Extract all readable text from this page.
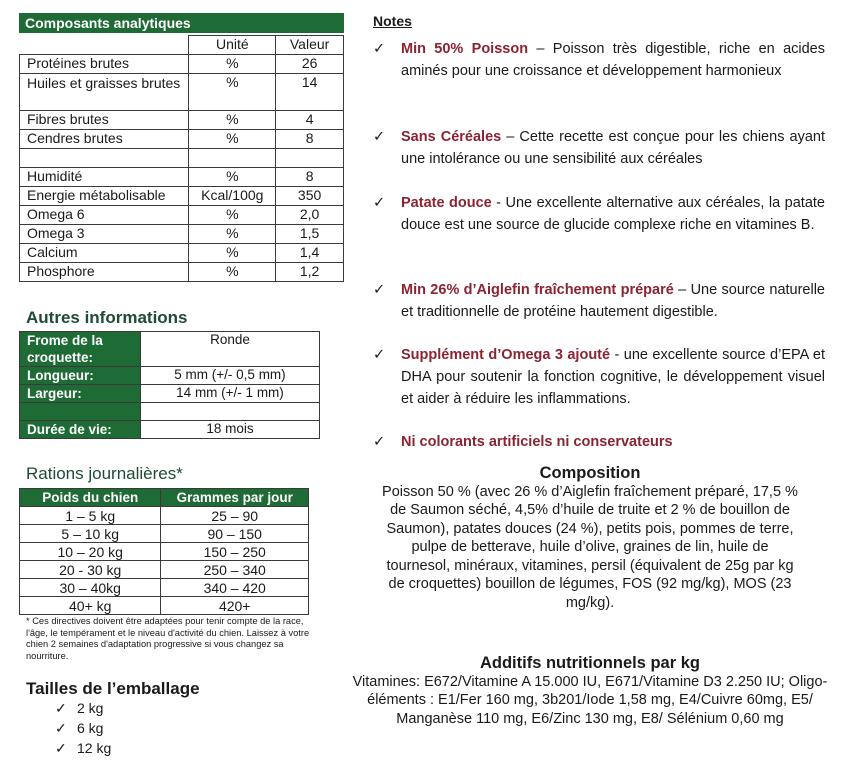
Composants analytiques
	Unité	Valeur
Protéines brutes	%	26
Huiles et graisses brutes	%	14
Fibres brutes	%	4
Cendres brutes	%	8

Humidité	%	8
Energie métabolisable	Kcal/100g	350
Omega 6	%	2,0
Omega 3	%	1,5
Calcium	%	1,4
Phosphore	%	1,2
Autres informations
Frome de la croquette:	Ronde
Longueur:	5 mm (+/- 0,5 mm)
Largeur:	14 mm (+/- 1 mm)

Durée de vie:	18 mois
Rations journalières*
Poids du chien	Grammes par jour
1 – 5 kg	25 – 90
5 – 10 kg	90 – 150
10 – 20 kg	150 – 250
20 - 30 kg	250 – 340
30 – 40kg	340 – 420
40+ kg	420+
* Ces directives doivent être adaptées pour tenir compte de la race, l'âge, le tempérament et le niveau d'activité du chien. Laissez à votre chien 2 semaines d'adaptation progressive si vous changez sa nourriture.
Tailles de l’emballage
✓ 2 kg
✓ 6 kg
✓ 12 kg
Notes
✓ Min 50% Poisson – Poisson très digestible, riche en acides aminés pour une croissance et développement harmonieux
✓ Sans Céréales – Cette recette est conçue pour les chiens ayant une intolérance ou une sensibilité aux céréales
✓ Patate douce - Une excellente alternative aux céréales, la patate douce est une source de glucide complexe riche en vitamines B.
✓ Min 26% d’Aiglefin fraîchement préparé – Une source naturelle et traditionnelle de protéine hautement digestible.
✓ Supplément d’Omega 3 ajouté - une excellente source d’EPA et DHA pour soutenir la fonction cognitive, le développement visuel et aider à réduire les inflammations.
✓ Ni colorants artificiels ni conservateurs
Composition
Poisson 50 % (avec 26 % d’Aiglefin fraîchement préparé, 17,5 % de Saumon séché, 4,5% d’huile de truite et 2 % de bouillon de Saumon), patates douces (24 %), petits pois, pommes de terre, pulpe de betterave, huile d’olive, graines de lin, huile de tournesol, minéraux, vitamines, persil (équivalent de 25g par kg de croquettes) bouillon de légumes, FOS (92 mg/kg), MOS (23 mg/kg).
Additifs nutritionnels par kg
Vitamines: E672/Vitamine A 15.000 IU, E671/Vitamine D3 2.250 IU; Oligo-éléments : E1/Fer 160 mg, 3b201/Iode 1,58 mg, E4/Cuivre 60mg, E5/ Manganèse 110 mg, E6/Zinc 130 mg, E8/ Sélénium 0,60 mg
